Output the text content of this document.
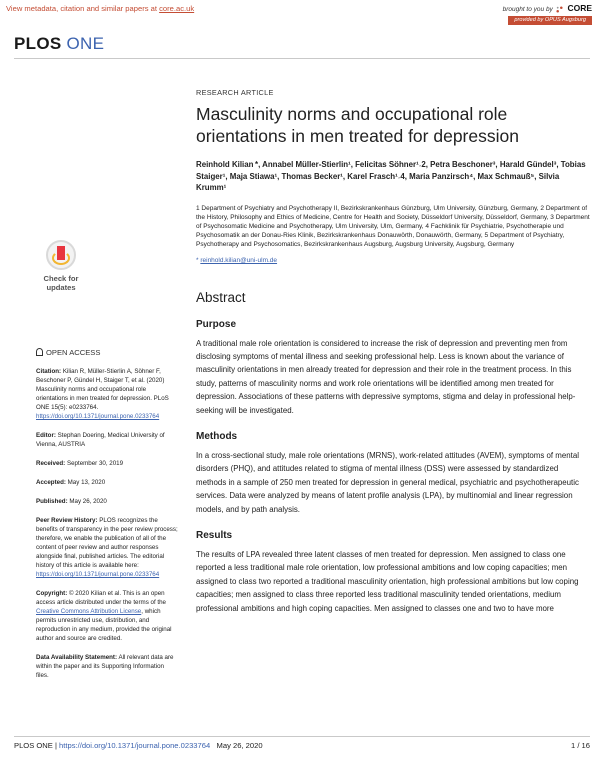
View metadata, citation and similar papers at core.ac.uk	brought to you by CORE
provided by OPUS Augsburg
PLOS ONE
Check for
updates
RESEARCH ARTICLE
Masculinity norms and occupational role orientations in men treated for depression
Reinhold Kilian *, Annabel Müller-Stierlin¹, Felicitas Söhner¹˒2, Petra Beschoner³, Harald Gündel³, Tobias Staiger¹, Maja Stiawa¹, Thomas Becker¹, Karel Frasch¹˒4, Maria Panzirsch⁴, Max Schmauß⁵, Silvia Krumm¹
1 Department of Psychiatry and Psychotherapy II, Bezirkskrankenhaus Günzburg, Ulm University, Günzburg, Germany, 2 Department of the History, Philosophy and Ethics of Medicine, Centre for Health and Society, Düsseldorf University, Düsseldorf, Germany, 3 Department of Psychosomatic Medicine and Psychotherapy, Ulm University, Ulm, Germany, 4 Fachklinik für Psychiatrie, Psychotherapie und Psychosomatik an der Donau-Ries Klinik, Bezirkskrankenhaus Donauwörth, Donauwörth, Germany, 5 Department of Psychiatry, Psychotherapy and Psychosomatics, Bezirkskrankenhaus Augsburg, Augsburg University, Augsburg, Germany
* reinhold.kilian@uni-ulm.de
Abstract
Purpose
A traditional male role orientation is considered to increase the risk of depression and preventing men from disclosing symptoms of mental illness and seeking professional help. Less is known about the variance of masculinity orientations in men already treated for depression and their role in the treatment process. In this study, patterns of masculinity norms and work role orientations will be identified among men treated for depression. Associations of these patterns with depressive symptoms, stigma and delay in professional help-seeking will be investigated.
Methods
In a cross-sectional study, male role orientations (MRNS), work-related attitudes (AVEM), symptoms of mental disorders (PHQ), and attitudes related to stigma of mental illness (DSS) were assessed by standardized methods in a sample of 250 men treated for depression in general medical, psychiatric and psychotherapeutic services. Data were analyzed by means of latent profile analysis (LPA), by multinomial and linear regression models, and by path analysis.
Results
The results of LPA revealed three latent classes of men treated for depression. Men assigned to class one reported a less traditional male role orientation, low professional ambitions and low coping capacities; men assigned to class two reported a traditional masculinity orientation, high professional ambitions but low coping capacities; men assigned to class three reported less traditional masculinity tended orientations, medium professional ambitions and high coping capacities. Men assigned to classes one and two to have more
OPEN ACCESS
Citation: Kilian R, Müller-Stierlin A, Söhner F, Beschoner P, Gündel H, Staiger T, et al. (2020) Masculinity norms and occupational role orientations in men treated for depression. PLoS ONE 15(5): e0233764. https://doi.org/10.1371/journal.pone.0233764
Editor: Stephan Doering, Medical University of Vienna, AUSTRIA
Received: September 30, 2019
Accepted: May 13, 2020
Published: May 26, 2020
Peer Review History: PLOS recognizes the benefits of transparency in the peer review process; therefore, we enable the publication of all of the content of peer review and author responses alongside final, published articles. The editorial history of this article is available here: https://doi.org/10.1371/journal.pone.0233764
Copyright: © 2020 Kilian et al. This is an open access article distributed under the terms of the Creative Commons Attribution License, which permits unrestricted use, distribution, and reproduction in any medium, provided the original author and source are credited.
Data Availability Statement: All relevant data are within the paper and its Supporting Information files.
PLOS ONE | https://doi.org/10.1371/journal.pone.0233764 May 26, 2020	1 / 16
